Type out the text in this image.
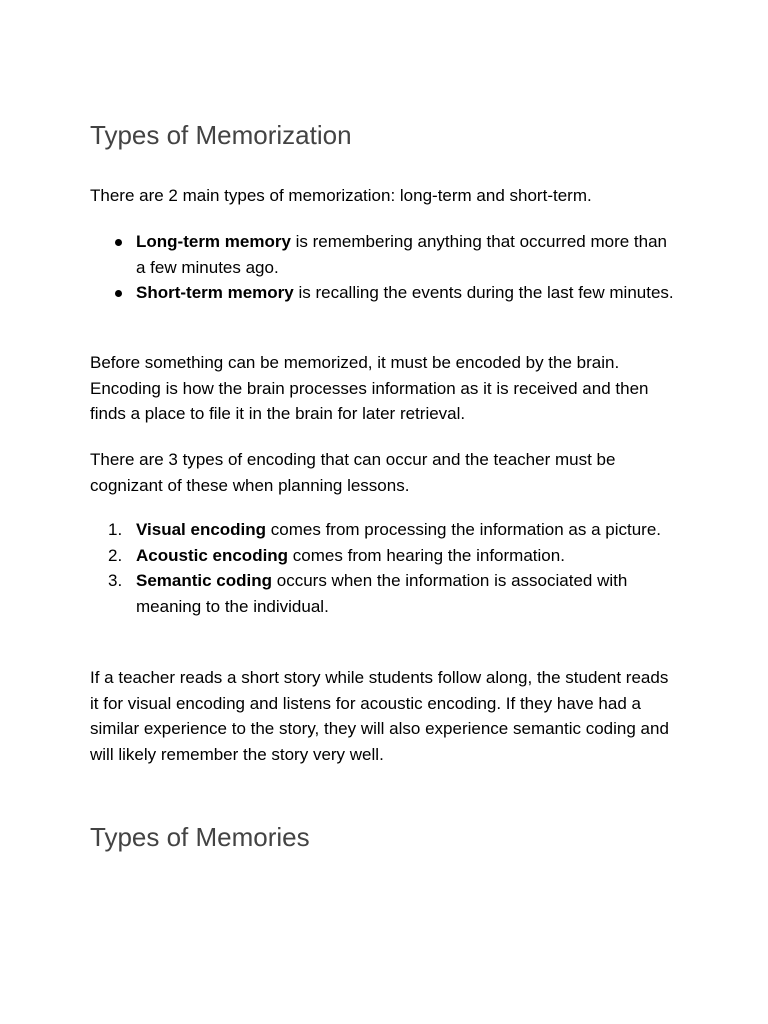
Types of Memorization

There are 2 main types of memorization: long-term and short-term.

Long-term memory is remembering anything that occurred more than a few minutes ago.
Short-term memory is recalling the events during the last few minutes.

Before something can be memorized, it must be encoded by the brain. Encoding is how the brain processes information as it is received and then finds a place to file it in the brain for later retrieval.

There are 3 types of encoding that can occur and the teacher must be cognizant of these when planning lessons.

1. Visual encoding comes from processing the information as a picture.
2. Acoustic encoding comes from hearing the information.
3. Semantic coding occurs when the information is associated with meaning to the individual.

If a teacher reads a short story while students follow along, the student reads it for visual encoding and listens for acoustic encoding. If they have had a similar experience to the story, they will also experience semantic coding and will likely remember the story very well.

Types of Memories
